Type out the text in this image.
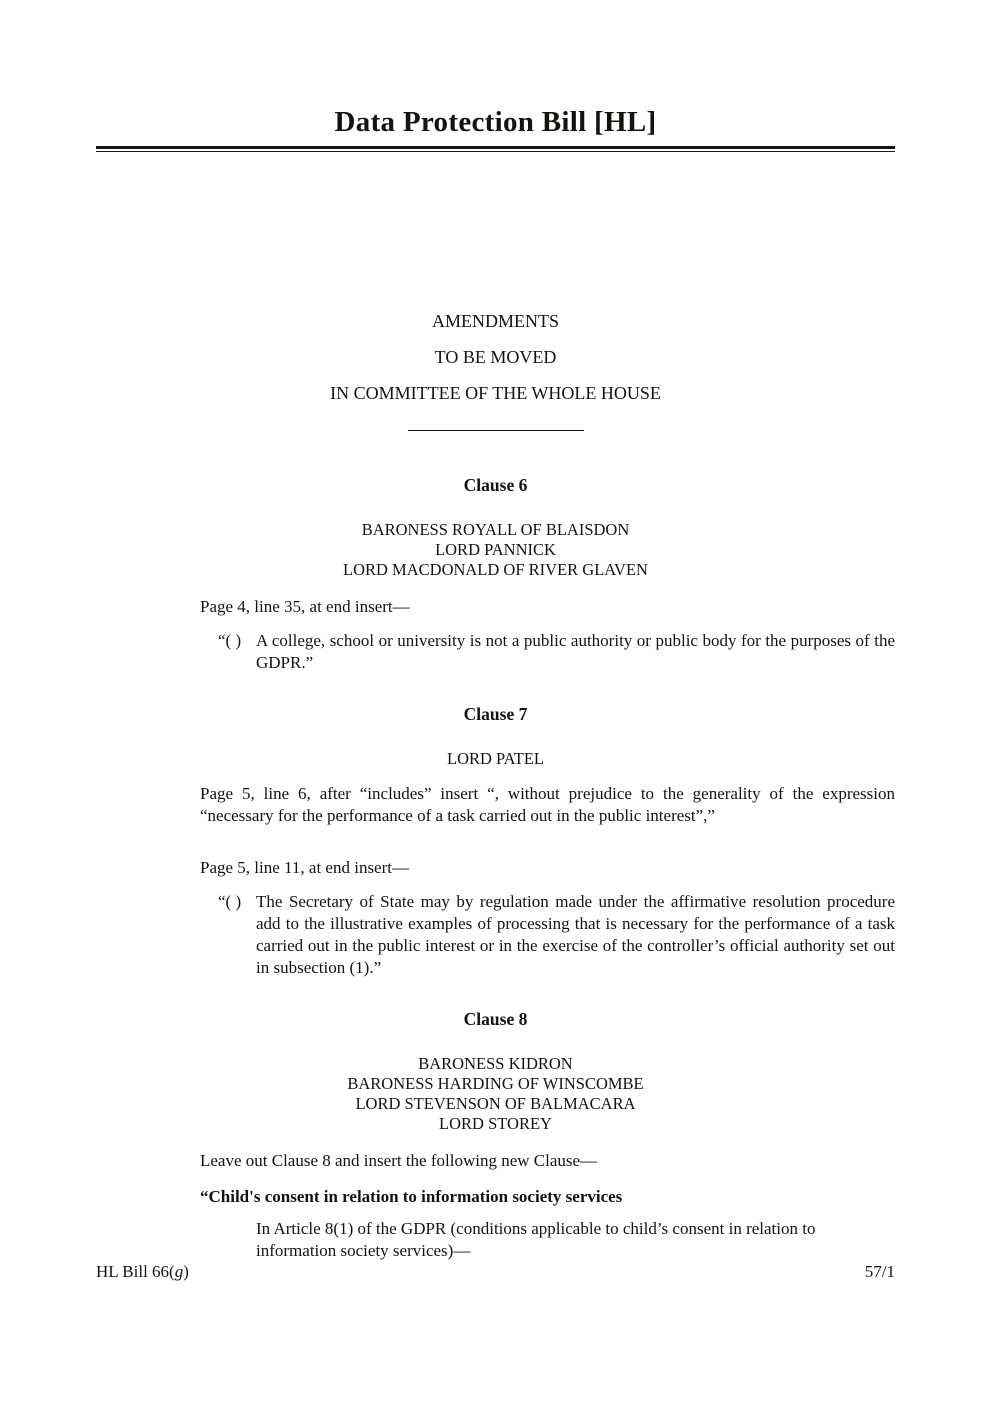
Data Protection Bill [HL]
AMENDMENTS
TO BE MOVED
IN COMMITTEE OF THE WHOLE HOUSE
Clause 6
BARONESS ROYALL OF BLAISDON
LORD PANNICK
LORD MACDONALD OF RIVER GLAVEN
Page 4, line 35, at end insert—
“( ) A college, school or university is not a public authority or public body for the purposes of the GDPR.”
Clause 7
LORD PATEL
Page 5, line 6, after “includes” insert “, without prejudice to the generality of the expression “necessary for the performance of a task carried out in the public interest”,”
Page 5, line 11, at end insert—
“( ) The Secretary of State may by regulation made under the affirmative resolution procedure add to the illustrative examples of processing that is necessary for the performance of a task carried out in the public interest or in the exercise of the controller’s official authority set out in subsection (1).”
Clause 8
BARONESS KIDRON
BARONESS HARDING OF WINSCOMBE
LORD STEVENSON OF BALMACARA
LORD STOREY
Leave out Clause 8 and insert the following new Clause—
“Child's consent in relation to information society services
In Article 8(1) of the GDPR (conditions applicable to child’s consent in relation to information society services)—
HL Bill 66(g)	57/1
